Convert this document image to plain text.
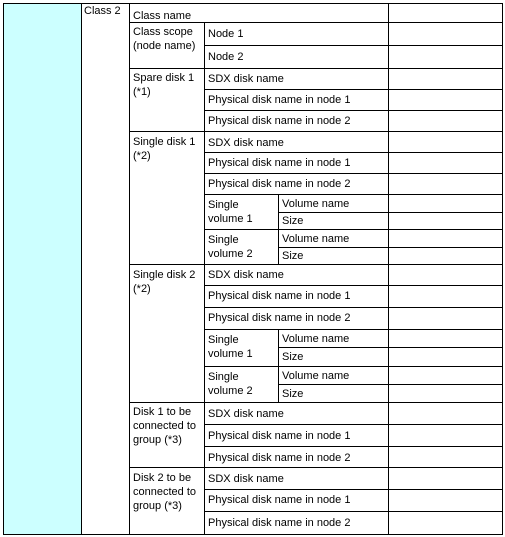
Class 2	Class name
Class scope (node name)
Node 1
Node 2
Spare disk 1 (*1)
SDX disk name
Physical disk name in node 1
Physical disk name in node 2
Single disk 1 (*2)
SDX disk name
Physical disk name in node 1
Physical disk name in node 2
Single volume 1
Volume name
Size
Single volume 2
Volume name
Size
Single disk 2 (*2)
SDX disk name
Physical disk name in node 1
Physical disk name in node 2
Single volume 1
Volume name
Size
Single volume 2
Volume name
Size
Disk 1 to be connected to group (*3)
SDX disk name
Physical disk name in node 1
Physical disk name in node 2
Disk 2 to be connected to group (*3)
SDX disk name
Physical disk name in node 1
Physical disk name in node 2
